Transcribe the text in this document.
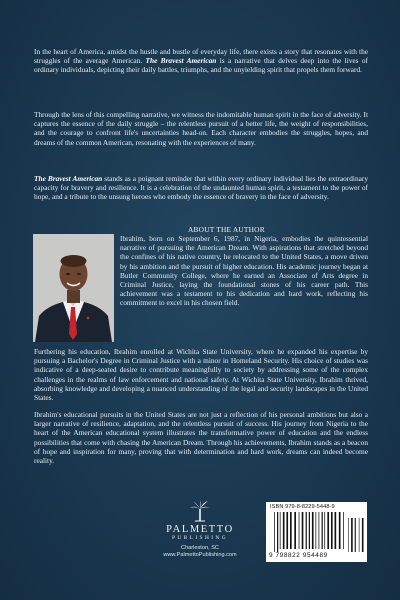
In the heart of America, amidst the hustle and bustle of everyday life, there exists a story that resonates with the struggles of the average American. The Bravest American is a narrative that delves deep into the lives of ordinary individuals, depicting their daily battles, triumphs, and the unyielding spirit that propels them forward.

Through the lens of this compelling narrative, we witness the indomitable human spirit in the face of adversity. It captures the essence of the daily struggle – the relentless pursuit of a better life, the weight of responsibilities, and the courage to confront life's uncertainties head-on. Each character embodies the struggles, hopes, and dreams of the common American, resonating with the experiences of many.

The Bravest American stands as a poignant reminder that within every ordinary individual lies the extraordinary capacity for bravery and resilience. It is a celebration of the undaunted human spirit, a testament to the power of hope, and a tribute to the unsung heroes who embody the essence of bravery in the face of adversity.

ABOUT THE AUTHOR

Ibrahim, born on September 6, 1987, in Nigeria, embodies the quintessential narrative of pursuing the American Dream. With aspirations that stretched beyond the confines of his native country, he relocated to the United States, a move driven by his ambition and the pursuit of higher education. His academic journey began at Butler Community College, where he earned an Associate of Arts degree in Criminal Justice, laying the foundational stones of his career path. This achievement was a testament to his dedication and hard work, reflecting his commitment to excel in his chosen field.

Furthering his education, Ibrahim enrolled at Wichita State University, where he expanded his expertise by pursuing a Bachelor's Degree in Criminal Justice with a minor in Homeland Security. His choice of studies was indicative of a deep-seated desire to contribute meaningfully to society by addressing some of the complex challenges in the realms of law enforcement and national safety. At Wichita State University, Ibrahim thrived, absorbing knowledge and developing a nuanced understanding of the legal and security landscapes in the United States.

Ibrahim's educational pursuits in the United States are not just a reflection of his personal ambitions but also a larger narrative of resilience, adaptation, and the relentless pursuit of success. His journey from Nigeria to the heart of the American educational system illustrates the transformative power of education and the endless possibilities that come with chasing the American Dream. Through his achievements, Ibrahim stands as a beacon of hope and inspiration for many, proving that with determination and hard work, dreams can indeed become reality.

PALMETTO
PUBLISHING
Charleston, SC
www.PalmettoPublishing.com
ISBN 979-8-8229-5448-9
9 798822 954489
